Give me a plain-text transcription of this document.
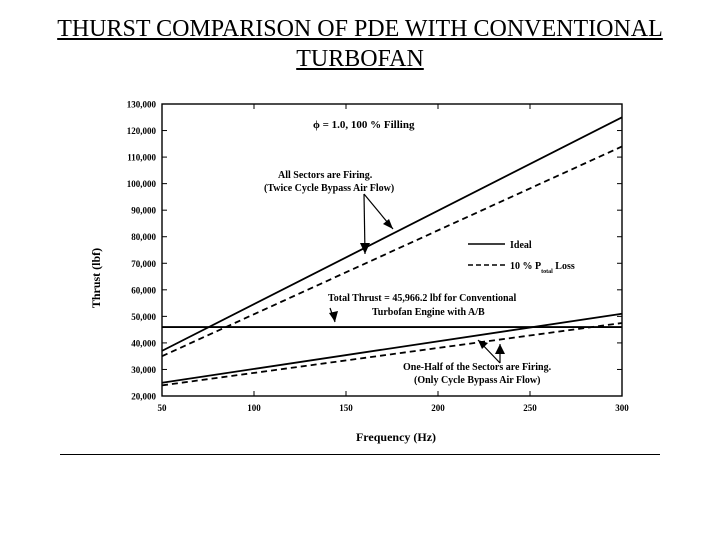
THURST COMPARISON OF PDE WITH CONVENTIONAL
TURBOFAN
20,000
30,000
40,000
50,000
60,000
70,000
80,000
90,000
100,000
110,000
120,000
130,000
50	100	150	200	250	300
Frequency (Hz)
Thrust (lbf)
Ideal
10 % $P_{total}$ Loss
ϕ = 1.0, 100 % Filling
All Sectors are Firing.
(Twice Cycle Bypass Air Flow)
Total Thrust = 45,966.2 lbf for Conventional
Turbofan Engine with A/B
One-Half of the Sectors are Firing.
(Only Cycle Bypass Air Flow)
